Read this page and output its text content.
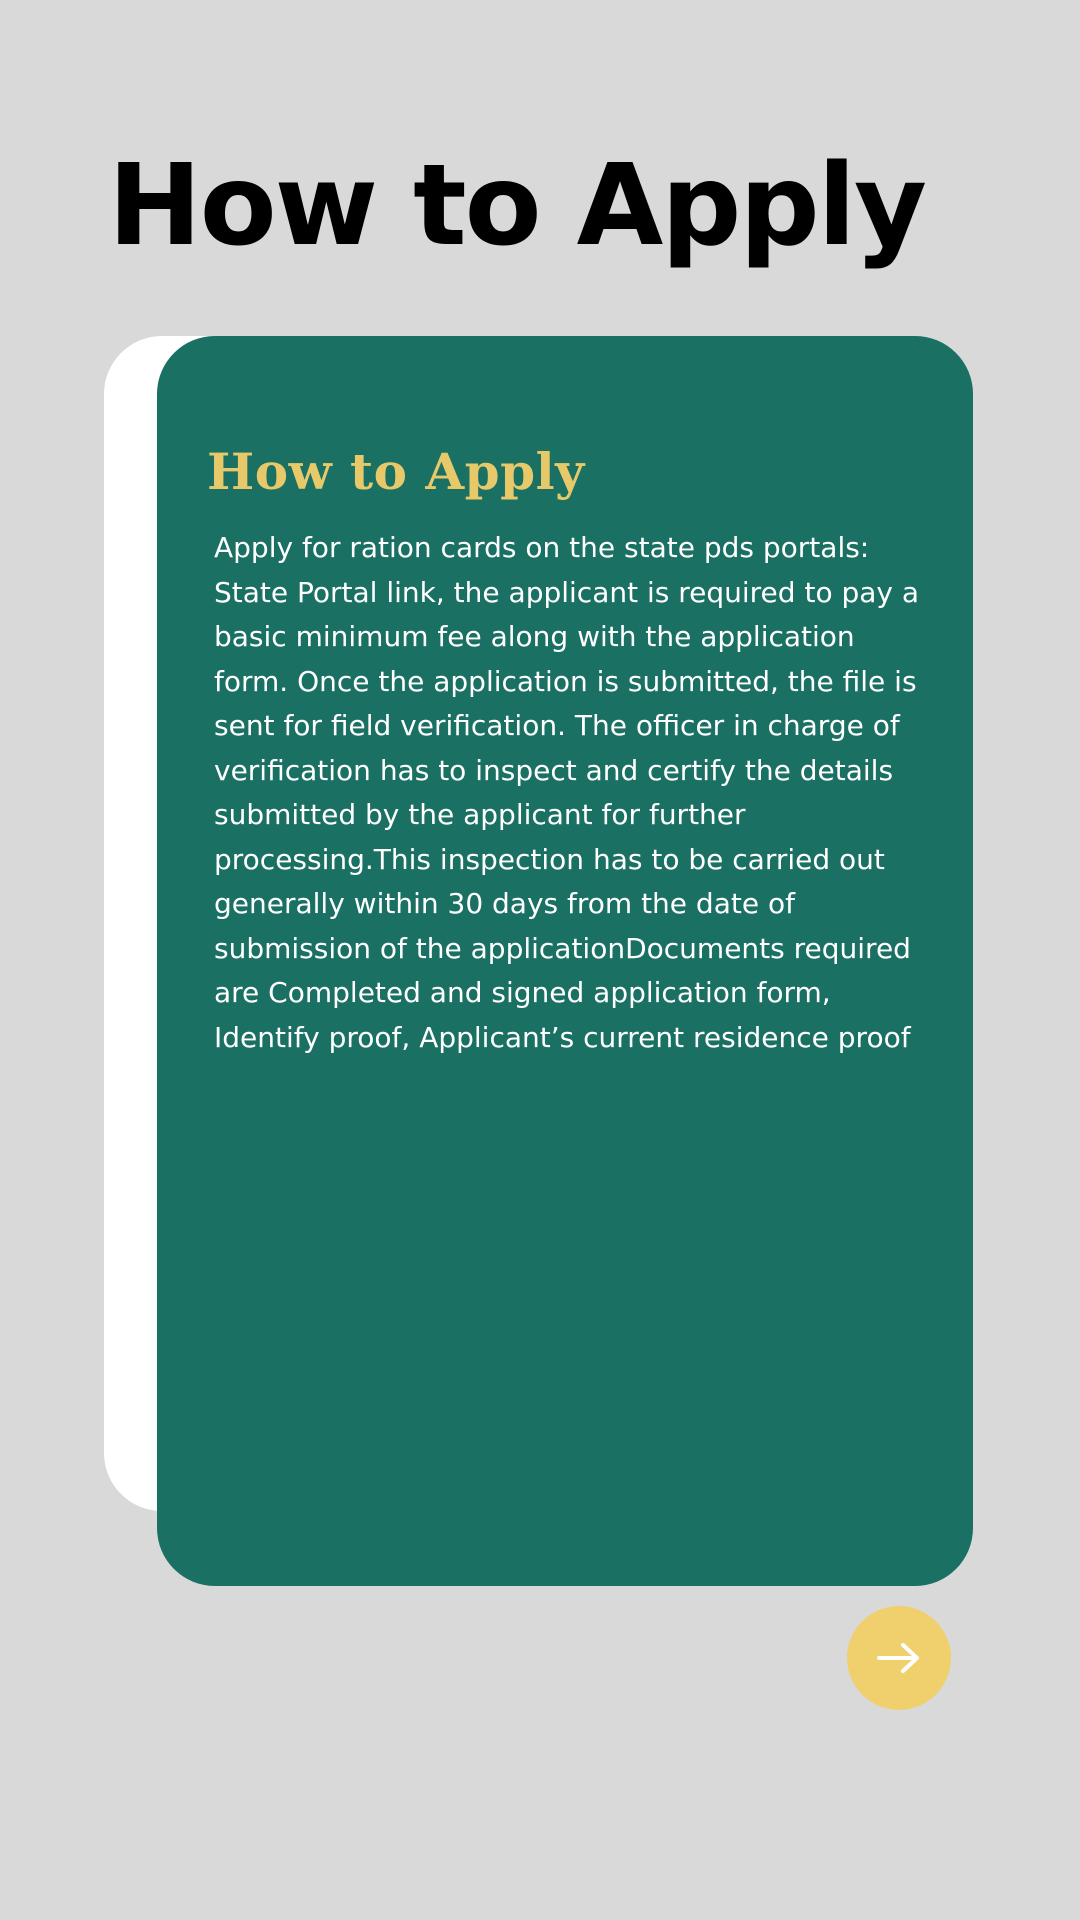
How to Apply
How to Apply

Apply for ration cards on the state pds portals: State Portal link, the applicant is required to pay a basic minimum fee along with the application form. Once the application is submitted, the file is sent for field verification. The officer in charge of verification has to inspect and certify the details submitted by the applicant for further processing.This inspection has to be carried out generally within 30 days from the date of submission of the applicationDocuments required are Completed and signed application form, Identify proof, Applicant’s current residence proof
